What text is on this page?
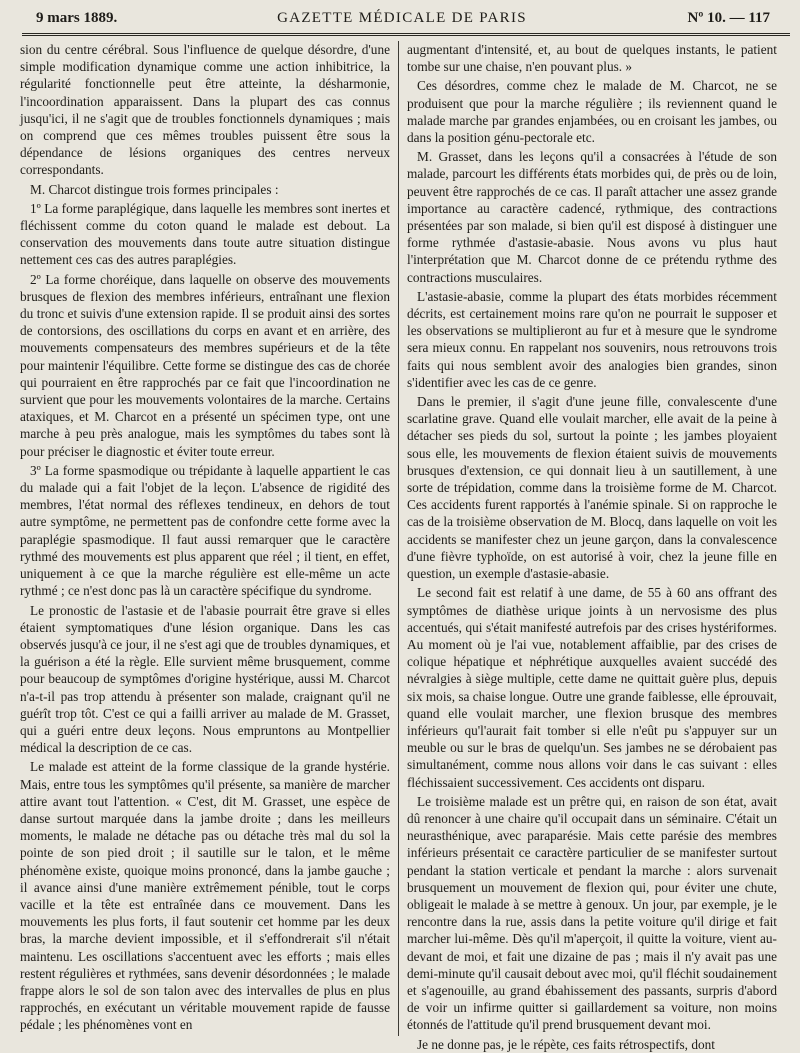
9 mars 1889.	GAZETTE MÉDICALE DE PARIS	Nº 10. — 117

sion du centre cérébral. Sous l'influence de quelque désordre, d'une simple modification dynamique comme une action inhibitrice, la régularité fonctionnelle peut être atteinte, la désharmonie, l'incoordination apparaissent. Dans la plupart des cas connus jusqu'ici, il ne s'agit que de troubles fonctionnels dynamiques ; mais on comprend que ces mêmes troubles puissent être sous la dépendance de lésions organiques des centres nerveux correspondants.

M. Charcot distingue trois formes principales :

1º La forme paraplégique, dans laquelle les membres sont inertes et fléchissent comme du coton quand le malade est debout. La conservation des mouvements dans toute autre situation distingue nettement ces cas des autres paraplégies.

2º La forme choréique, dans laquelle on observe des mouvements brusques de flexion des membres inférieurs, entraînant une flexion du tronc et suivis d'une extension rapide. Il se produit ainsi des sortes de contorsions, des oscillations du corps en avant et en arrière, des mouvements compensateurs des membres supérieurs et de la tête pour maintenir l'équilibre. Cette forme se distingue des cas de chorée qui pourraient en être rapprochés par ce fait que l'incoordination ne survient que pour les mouvements volontaires de la marche. Certains ataxiques, et M. Charcot en a présenté un spécimen type, ont une marche à peu près analogue, mais les symptômes du tabes sont là pour préciser le diagnostic et éviter toute erreur.

3º La forme spasmodique ou trépidante à laquelle appartient le cas du malade qui a fait l'objet de la leçon. L'absence de rigidité des membres, l'état normal des réflexes tendineux, en dehors de tout autre symptôme, ne permettent pas de confondre cette forme avec la paraplégie spasmodique. Il faut aussi remarquer que le caractère rythmé des mouvements est plus apparent que réel ; il tient, en effet, uniquement à ce que la marche régulière est elle-même un acte rythmé ; ce n'est donc pas là un caractère spécifique du syndrome.

Le pronostic de l'astasie et de l'abasie pourrait être grave si elles étaient symptomatiques d'une lésion organique. Dans les cas observés jusqu'à ce jour, il ne s'est agi que de troubles dynamiques, et la guérison a été la règle. Elle survient même brusquement, comme pour beaucoup de symptômes d'origine hystérique, aussi M. Charcot n'a-t-il pas trop attendu à présenter son malade, craignant qu'il ne guérît trop tôt. C'est ce qui a failli arriver au malade de M. Grasset, qui a guéri entre deux leçons. Nous empruntons au Montpellier médical la description de ce cas.

Le malade est atteint de la forme classique de la grande hystérie. Mais, entre tous les symptômes qu'il présente, sa manière de marcher attire avant tout l'attention. « C'est, dit M. Grasset, une espèce de danse surtout marquée dans la jambe droite ; dans les meilleurs moments, le malade ne détache pas ou détache très mal du sol la pointe de son pied droit ; il sautille sur le talon, et le même phénomène existe, quoique moins prononcé, dans la jambe gauche ; il avance ainsi d'une manière extrêmement pénible, tout le corps vacille et la tête est entraînée dans ce mouvement. Dans les mouvements les plus forts, il faut soutenir cet homme par les deux bras, la marche devient impossible, et il s'effondrerait s'il n'était maintenu. Les oscillations s'accentuent avec les efforts ; mais elles restent régulières et rythmées, sans devenir désordonnées ; le malade frappe alors le sol de son talon avec des intervalles de plus en plus rapprochés, en exécutant un véritable mouvement rapide de fausse pédale ; les phénomènes vont en

augmentant d'intensité, et, au bout de quelques instants, le patient tombe sur une chaise, n'en pouvant plus. »

Ces désordres, comme chez le malade de M. Charcot, ne se produisent que pour la marche régulière ; ils reviennent quand le malade marche par grandes enjambées, ou en croisant les jambes, ou dans la position génu-pectorale etc.

M. Grasset, dans les leçons qu'il a consacrées à l'étude de son malade, parcourt les différents états morbides qui, de près ou de loin, peuvent être rapprochés de ce cas. Il paraît attacher une assez grande importance au caractère cadencé, rythmique, des contractions présentées par son malade, si bien qu'il est disposé à distinguer une forme rythmée d'astasie-abasie. Nous avons vu plus haut l'interprétation que M. Charcot donne de ce prétendu rythme des contractions musculaires.

L'astasie-abasie, comme la plupart des états morbides récemment décrits, est certainement moins rare qu'on ne pourrait le supposer et les observations se multiplieront au fur et à mesure que le syndrome sera mieux connu. En rappelant nos souvenirs, nous retrouvons trois faits qui nous semblent avoir des analogies bien grandes, sinon s'identifier avec les cas de ce genre.

Dans le premier, il s'agit d'une jeune fille, convalescente d'une scarlatine grave. Quand elle voulait marcher, elle avait de la peine à détacher ses pieds du sol, surtout la pointe ; les jambes ployaient sous elle, les mouvements de flexion étaient suivis de mouvements brusques d'extension, ce qui donnait lieu à un sautillement, à une sorte de trépidation, comme dans la troisième forme de M. Charcot. Ces accidents furent rapportés à l'anémie spinale. Si on rapproche le cas de la troisième observation de M. Blocq, dans laquelle on voit les accidents se manifester chez un jeune garçon, dans la convalescence d'une fièvre typhoïde, on est autorisé à voir, chez la jeune fille en question, un exemple d'astasie-abasie.

Le second fait est relatif à une dame, de 55 à 60 ans offrant des symptômes de diathèse urique joints à un nervosisme des plus accentués, qui s'était manifesté autrefois par des crises hystériformes. Au moment où je l'ai vue, notablement affaiblie, par des crises de colique hépatique et néphrétique auxquelles avaient succédé des névralgies à siège multiple, cette dame ne quittait guère plus, depuis six mois, sa chaise longue. Outre une grande faiblesse, elle éprouvait, quand elle voulait marcher, une flexion brusque des membres inférieurs qu'l'aurait fait tomber si elle n'eût pu s'appuyer sur un meuble ou sur le bras de quelqu'un. Ses jambes ne se dérobaient pas simultanément, comme nous allons voir dans le cas suivant : elles fléchissaient successivement. Ces accidents ont disparu.

Le troisième malade est un prêtre qui, en raison de son état, avait dû renoncer à une chaire qu'il occupait dans un séminaire. C'était un neurasthénique, avec paraparésie. Mais cette parésie des membres inférieurs présentait ce caractère particulier de se manifester surtout pendant la station verticale et pendant la marche : alors survenait brusquement un mouvement de flexion qui, pour éviter une chute, obligeait le malade à se mettre à genoux. Un jour, par exemple, je le rencontre dans la rue, assis dans la petite voiture qu'il dirige et fait marcher lui-même. Dès qu'il m'aperçoit, il quitte la voiture, vient au-devant de moi, et fait une dizaine de pas ; mais il n'y avait pas une demi-minute qu'il causait debout avec moi, qu'il fléchit soudainement et s'agenouille, au grand ébahissement des passants, surpris d'abord de voir un infirme quitter si gaillardement sa voiture, non moins étonnés de l'attitude qu'il prend brusquement devant moi.

Je ne donne pas, je le répète, ces faits rétrospectifs, dont
